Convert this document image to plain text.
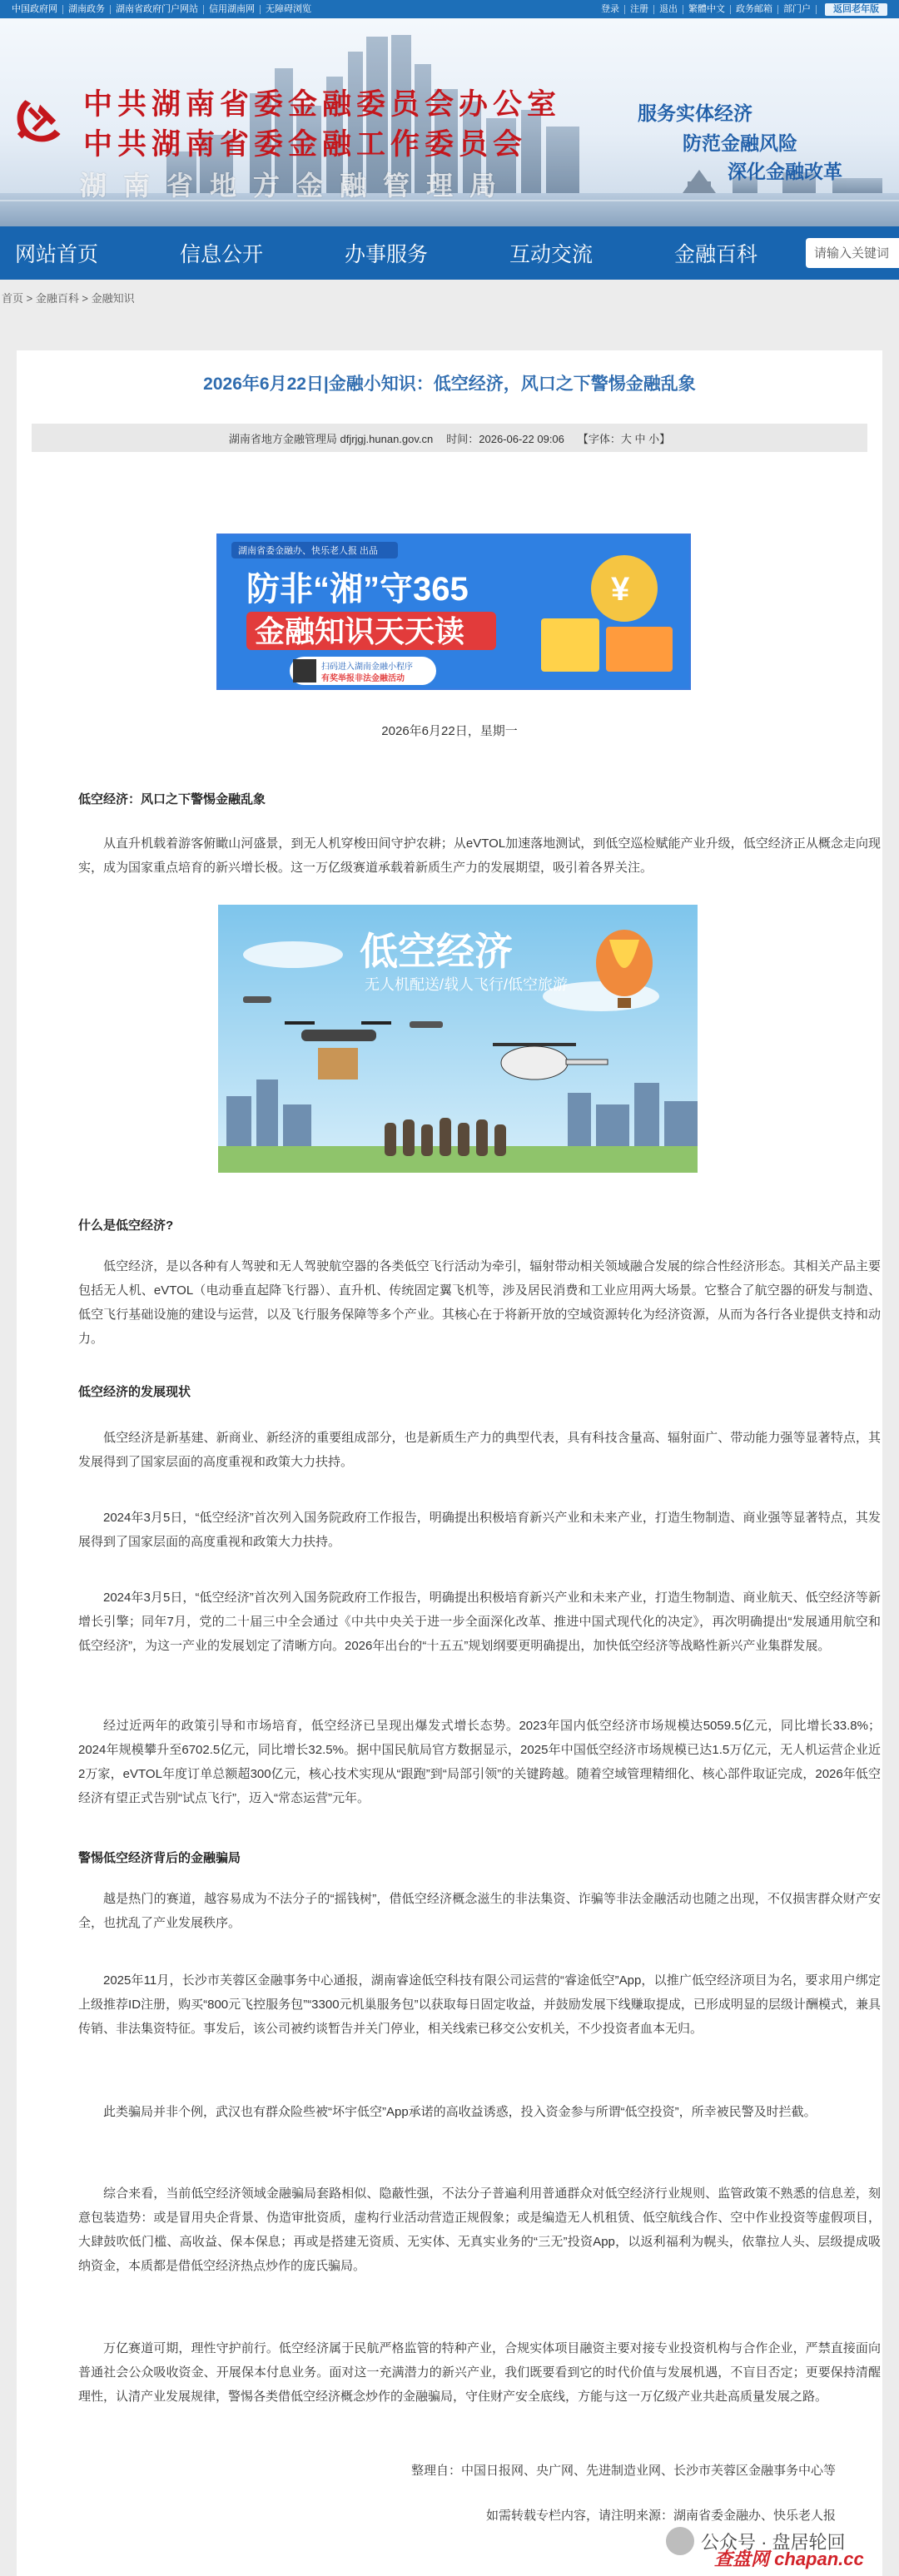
中国政府网	湖南政务	湖南省政府门户网站	信用湖南网	无障碍浏览	登录	注册	退出	繁體中文	政务邮箱	部门户	返回老年版
中共湖南省委金融委员会办公室
中共湖南省委金融工作委员会
湖南省地方金融管理局
服务实体经济
防范金融风险
深化金融改革
网站首页	信息公开	办事服务	互动交流	金融百科
请输入关键词
首页 > 金融百科 > 金融知识
2026年6月22日|金融小知识：低空经济，风口之下警惕金融乱象
湖南省地方金融管理局 dfjrjgj.hunan.gov.cn 时间：2026-06-22 09:06 【字体：大 中 小】
湖南省委金融办、快乐老人报 出品
防非“湘”守365
金融知识天天读
扫码进入湖南金融小程序
有奖举报非法金融活动
¥
2026年6月22日，星期一
低空经济：风口之下警惕金融乱象
从直升机载着游客俯瞰山河盛景，到无人机穿梭田间守护农耕；从eVTOL加速落地测试，到低空巡检赋能产业升级，低空经济正从概念走向现实，成为国家重点培育的新兴增长极。这一万亿级赛道承载着新质生产力的发展期望，吸引着各界关注。
低空经济
无人机配送/载人飞行/低空旅游
什么是低空经济?
低空经济，是以各种有人驾驶和无人驾驶航空器的各类低空飞行活动为牵引，辐射带动相关领域融合发展的综合性经济形态。其相关产品主要包括无人机、eVTOL（电动垂直起降飞行器）、直升机、传统固定翼飞机等，涉及居民消费和工业应用两大场景。它整合了航空器的研发与制造、低空飞行基础设施的建设与运营，以及飞行服务保障等多个产业。其核心在于将新开放的空域资源转化为经济资源，从而为各行各业提供支持和动力。
低空经济的发展现状
低空经济是新基建、新商业、新经济的重要组成部分，也是新质生产力的典型代表，具有科技含量高、辐射面广、带动能力强等显著特点，其发展得到了国家层面的高度重视和政策大力扶持。
2024年3月5日，“低空经济”首次列入国务院政府工作报告，明确提出积极培育新兴产业和未来产业，打造生物制造、商业强等显著特点，其发展得到了国家层面的高度重视和政策大力扶持。
2024年3月5日，“低空经济”首次列入国务院政府工作报告，明确提出积极培育新兴产业和未来产业，打造生物制造、商业航天、低空经济等新增长引擎；同年7月，党的二十届三中全会通过《中共中央关于进一步全面深化改革、推进中国式现代化的决定》，再次明确提出“发展通用航空和低空经济”，为这一产业的发展划定了清晰方向。2026年出台的“十五五”规划纲要更明确提出，加快低空经济等战略性新兴产业集群发展。
经过近两年的政策引导和市场培育，低空经济已呈现出爆发式增长态势。2023年国内低空经济市场规模达5059.5亿元，同比增长33.8%；2024年规模攀升至6702.5亿元，同比增长32.5%。据中国民航局官方数据显示，2025年中国低空经济市场规模已达1.5万亿元，无人机运营企业近2万家，eVTOL年度订单总额超300亿元，核心技术实现从“跟跑”到“局部引领”的关键跨越。随着空域管理精细化、核心部件取证完成，2026年低空经济有望正式告别“试点飞行”，迈入“常态运营”元年。
警惕低空经济背后的金融骗局
越是热门的赛道，越容易成为不法分子的“摇钱树”，借低空经济概念滋生的非法集资、诈骗等非法金融活动也随之出现，不仅损害群众财产安全，也扰乱了产业发展秩序。
2025年11月，长沙市芙蓉区金融事务中心通报，湖南睿途低空科技有限公司运营的“睿途低空”App，以推广低空经济项目为名，要求用户绑定上级推荐ID注册，购买“800元飞控服务包”“3300元机巢服务包”以获取每日固定收益，并鼓励发展下线赚取提成，已形成明显的层级计酬模式，兼具传销、非法集资特征。事发后，该公司被约谈暂告并关门停业，相关线索已移交公安机关，不少投资者血本无归。
此类骗局并非个例，武汉也有群众险些被“坏宇低空”App承诺的高收益诱惑，投入资金参与所谓“低空投资”，所幸被民警及时拦截。
综合来看，当前低空经济领域金融骗局套路相似、隐蔽性强，不法分子普遍利用普通群众对低空经济行业规则、监管政策不熟悉的信息差，刻意包装造势：或是冒用央企背景、伪造审批资质，虚构行业活动营造正规假象；或是编造无人机租赁、低空航线合作、空中作业投资等虚假项目，大肆鼓吹低门槛、高收益、保本保息；再或是搭建无资质、无实体、无真实业务的“三无”投资App，以返利福利为幌头，依靠拉人头、层级提成吸纳资金，本质都是借低空经济热点炒作的庞氏骗局。
万亿赛道可期，理性守护前行。低空经济属于民航严格监管的特种产业，合规实体项目融资主要对接专业投资机构与合作企业，严禁直接面向普通社会公众吸收资金、开展保本付息业务。面对这一充满潜力的新兴产业，我们既要看到它的时代价值与发展机遇，不盲目否定；更要保持清醒理性，认清产业发展规律，警惕各类借低空经济概念炒作的金融骗局，守住财产安全底线，方能与这一万亿级产业共赴高质量发展之路。
整理自：中国日报网、央广网、先进制造业网、长沙市芙蓉区金融事务中心等
如需转载专栏内容，请注明来源：湖南省委金融办、快乐老人报
公众号 · 盘居轮回
查盘网 chapan.cc
